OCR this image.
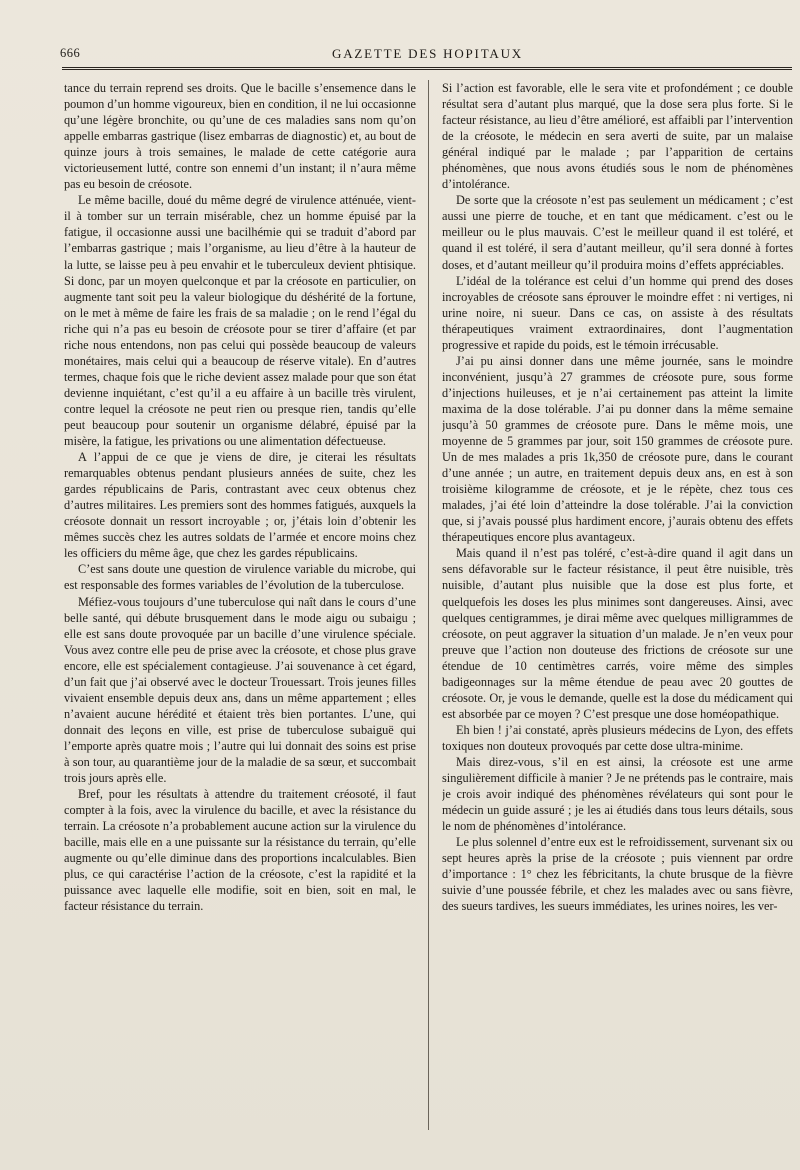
666	GAZETTE DES HOPITAUX

tance du terrain reprend ses droits. Que le bacille s’ensemence dans le poumon d’un homme vigoureux, bien en condition, il ne lui occasionne qu’une légère bronchite, ou qu’une de ces maladies sans nom qu’on appelle embarras gastrique (lisez embarras de diagnostic) et, au bout de quinze jours à trois semaines, le malade de cette catégorie aura victorieusement lutté, contre son ennemi d’un instant; il n’aura même pas eu besoin de créosote.

Le même bacille, doué du même degré de virulence atténuée, vient-il à tomber sur un terrain misérable, chez un homme épuisé par la fatigue, il occasionne aussi une bacilhémie qui se traduit d’abord par l’embarras gastrique ; mais l’organisme, au lieu d’être à la hauteur de la lutte, se laisse peu à peu envahir et le tuberculeux devient phtisique. Si donc, par un moyen quelconque et par la créosote en particulier, on augmente tant soit peu la valeur biologique du déshérité de la fortune, on le met à même de faire les frais de sa maladie ; on le rend l’égal du riche qui n’a pas eu besoin de créosote pour se tirer d’affaire (et par riche nous entendons, non pas celui qui possède beaucoup de valeurs monétaires, mais celui qui a beaucoup de réserve vitale). En d’autres termes, chaque fois que le riche devient assez malade pour que son état devienne inquiétant, c’est qu’il a eu affaire à un bacille très virulent, contre lequel la créosote ne peut rien ou presque rien, tandis qu’elle peut beaucoup pour soutenir un organisme délabré, épuisé par la misère, la fatigue, les privations ou une alimentation défectueuse.

A l’appui de ce que je viens de dire, je citerai les résultats remarquables obtenus pendant plusieurs années de suite, chez les gardes républicains de Paris, contrastant avec ceux obtenus chez d’autres militaires. Les premiers sont des hommes fatigués, auxquels la créosote donnait un ressort incroyable ; or, j’étais loin d’obtenir les mêmes succès chez les autres soldats de l’armée et encore moins chez les officiers du même âge, que chez les gardes républicains.

C’est sans doute une question de virulence variable du microbe, qui est responsable des formes variables de l’évolution de la tuberculose.

Méfiez-vous toujours d’une tuberculose qui naît dans le cours d’une belle santé, qui débute brusquement dans le mode aigu ou subaigu ; elle est sans doute provoquée par un bacille d’une virulence spéciale. Vous avez contre elle peu de prise avec la créosote, et chose plus grave encore, elle est spécialement contagieuse. J’ai souvenance à cet égard, d’un fait que j’ai observé avec le docteur Trouessart. Trois jeunes filles vivaient ensemble depuis deux ans, dans un même appartement ; elles n’avaient aucune hérédité et étaient très bien portantes. L’une, qui donnait des leçons en ville, est prise de tuberculose subaiguë qui l’emporte après quatre mois ; l’autre qui lui donnait des soins est prise à son tour, au quarantième jour de la maladie de sa sœur, et succombait trois jours après elle.

Bref, pour les résultats à attendre du traitement créosoté, il faut compter à la fois, avec la virulence du bacille, et avec la résistance du terrain. La créosote n’a probablement aucune action sur la virulence du bacille, mais elle en a une puissante sur la résistance du terrain, qu’elle augmente ou qu’elle diminue dans des proportions incalculables. Bien plus, ce qui caractérise l’action de la créosote, c’est la rapidité et la puissance avec laquelle elle modifie, soit en bien, soit en mal, le facteur résistance du terrain.

Si l’action est favorable, elle le sera vite et profondément ; ce double résultat sera d’autant plus marqué, que la dose sera plus forte. Si le facteur résistance, au lieu d’être amélioré, est affaibli par l’intervention de la créosote, le médecin en sera averti de suite, par un malaise général indiqué par le malade ; par l’apparition de certains phénomènes, que nous avons étudiés sous le nom de phénomènes d’intolérance.

De sorte que la créosote n’est pas seulement un médicament ; c’est aussi une pierre de touche, et en tant que médicament. c’est ou le meilleur ou le plus mauvais. C’est le meilleur quand il est toléré, et quand il est toléré, il sera d’autant meilleur, qu’il sera donné à fortes doses, et d’autant meilleur qu’il produira moins d’effets appréciables.

L’idéal de la tolérance est celui d’un homme qui prend des doses incroyables de créosote sans éprouver le moindre effet : ni vertiges, ni urine noire, ni sueur. Dans ce cas, on assiste à des résultats thérapeutiques vraiment extraordinaires, dont l’augmentation progressive et rapide du poids, est le témoin irrécusable.

J’ai pu ainsi donner dans une même journée, sans le moindre inconvénient, jusqu’à 27 grammes de créosote pure, sous forme d’injections huileuses, et je n’ai certainement pas atteint la limite maxima de la dose tolérable. J’ai pu donner dans la même semaine jusqu’à 50 grammes de créosote pure. Dans le même mois, une moyenne de 5 grammes par jour, soit 150 grammes de créosote pure. Un de mes malades a pris 1k,350 de créosote pure, dans le courant d’une année ; un autre, en traitement depuis deux ans, en est à son troisième kilogramme de créosote, et je le répète, chez tous ces malades, j’ai été loin d’atteindre la dose tolérable. J’ai la conviction que, si j’avais poussé plus hardiment encore, j’aurais obtenu des effets thérapeutiques encore plus avantageux.

Mais quand il n’est pas toléré, c’est-à-dire quand il agit dans un sens défavorable sur le facteur résistance, il peut être nuisible, très nuisible, d’autant plus nuisible que la dose est plus forte, et quelquefois les doses les plus minimes sont dangereuses. Ainsi, avec quelques centigrammes, je dirai même avec quelques milligrammes de créosote, on peut aggraver la situation d’un malade. Je n’en veux pour preuve que l’action non douteuse des frictions de créosote sur une étendue de 10 centimètres carrés, voire même des simples badigeonnages sur la même étendue de peau avec 20 gouttes de créosote. Or, je vous le demande, quelle est la dose du médicament qui est absorbée par ce moyen ? C’est presque une dose homéopathique.

Eh bien ! j’ai constaté, après plusieurs médecins de Lyon, des effets toxiques non douteux provoqués par cette dose ultra-minime.

Mais direz-vous, s’il en est ainsi, la créosote est une arme singulièrement difficile à manier ? Je ne prétends pas le contraire, mais je crois avoir indiqué des phénomènes révélateurs qui sont pour le médecin un guide assuré ; je les ai étudiés dans tous leurs détails, sous le nom de phénomènes d’intolérance.

Le plus solennel d’entre eux est le refroidissement, survenant six ou sept heures après la prise de la créosote ; puis viennent par ordre d’importance : 1° chez les fébricitants, la chute brusque de la fièvre suivie d’une poussée fébrile, et chez les malades avec ou sans fièvre, des sueurs tardives, les sueurs immédiates, les urines noires, les ver-
